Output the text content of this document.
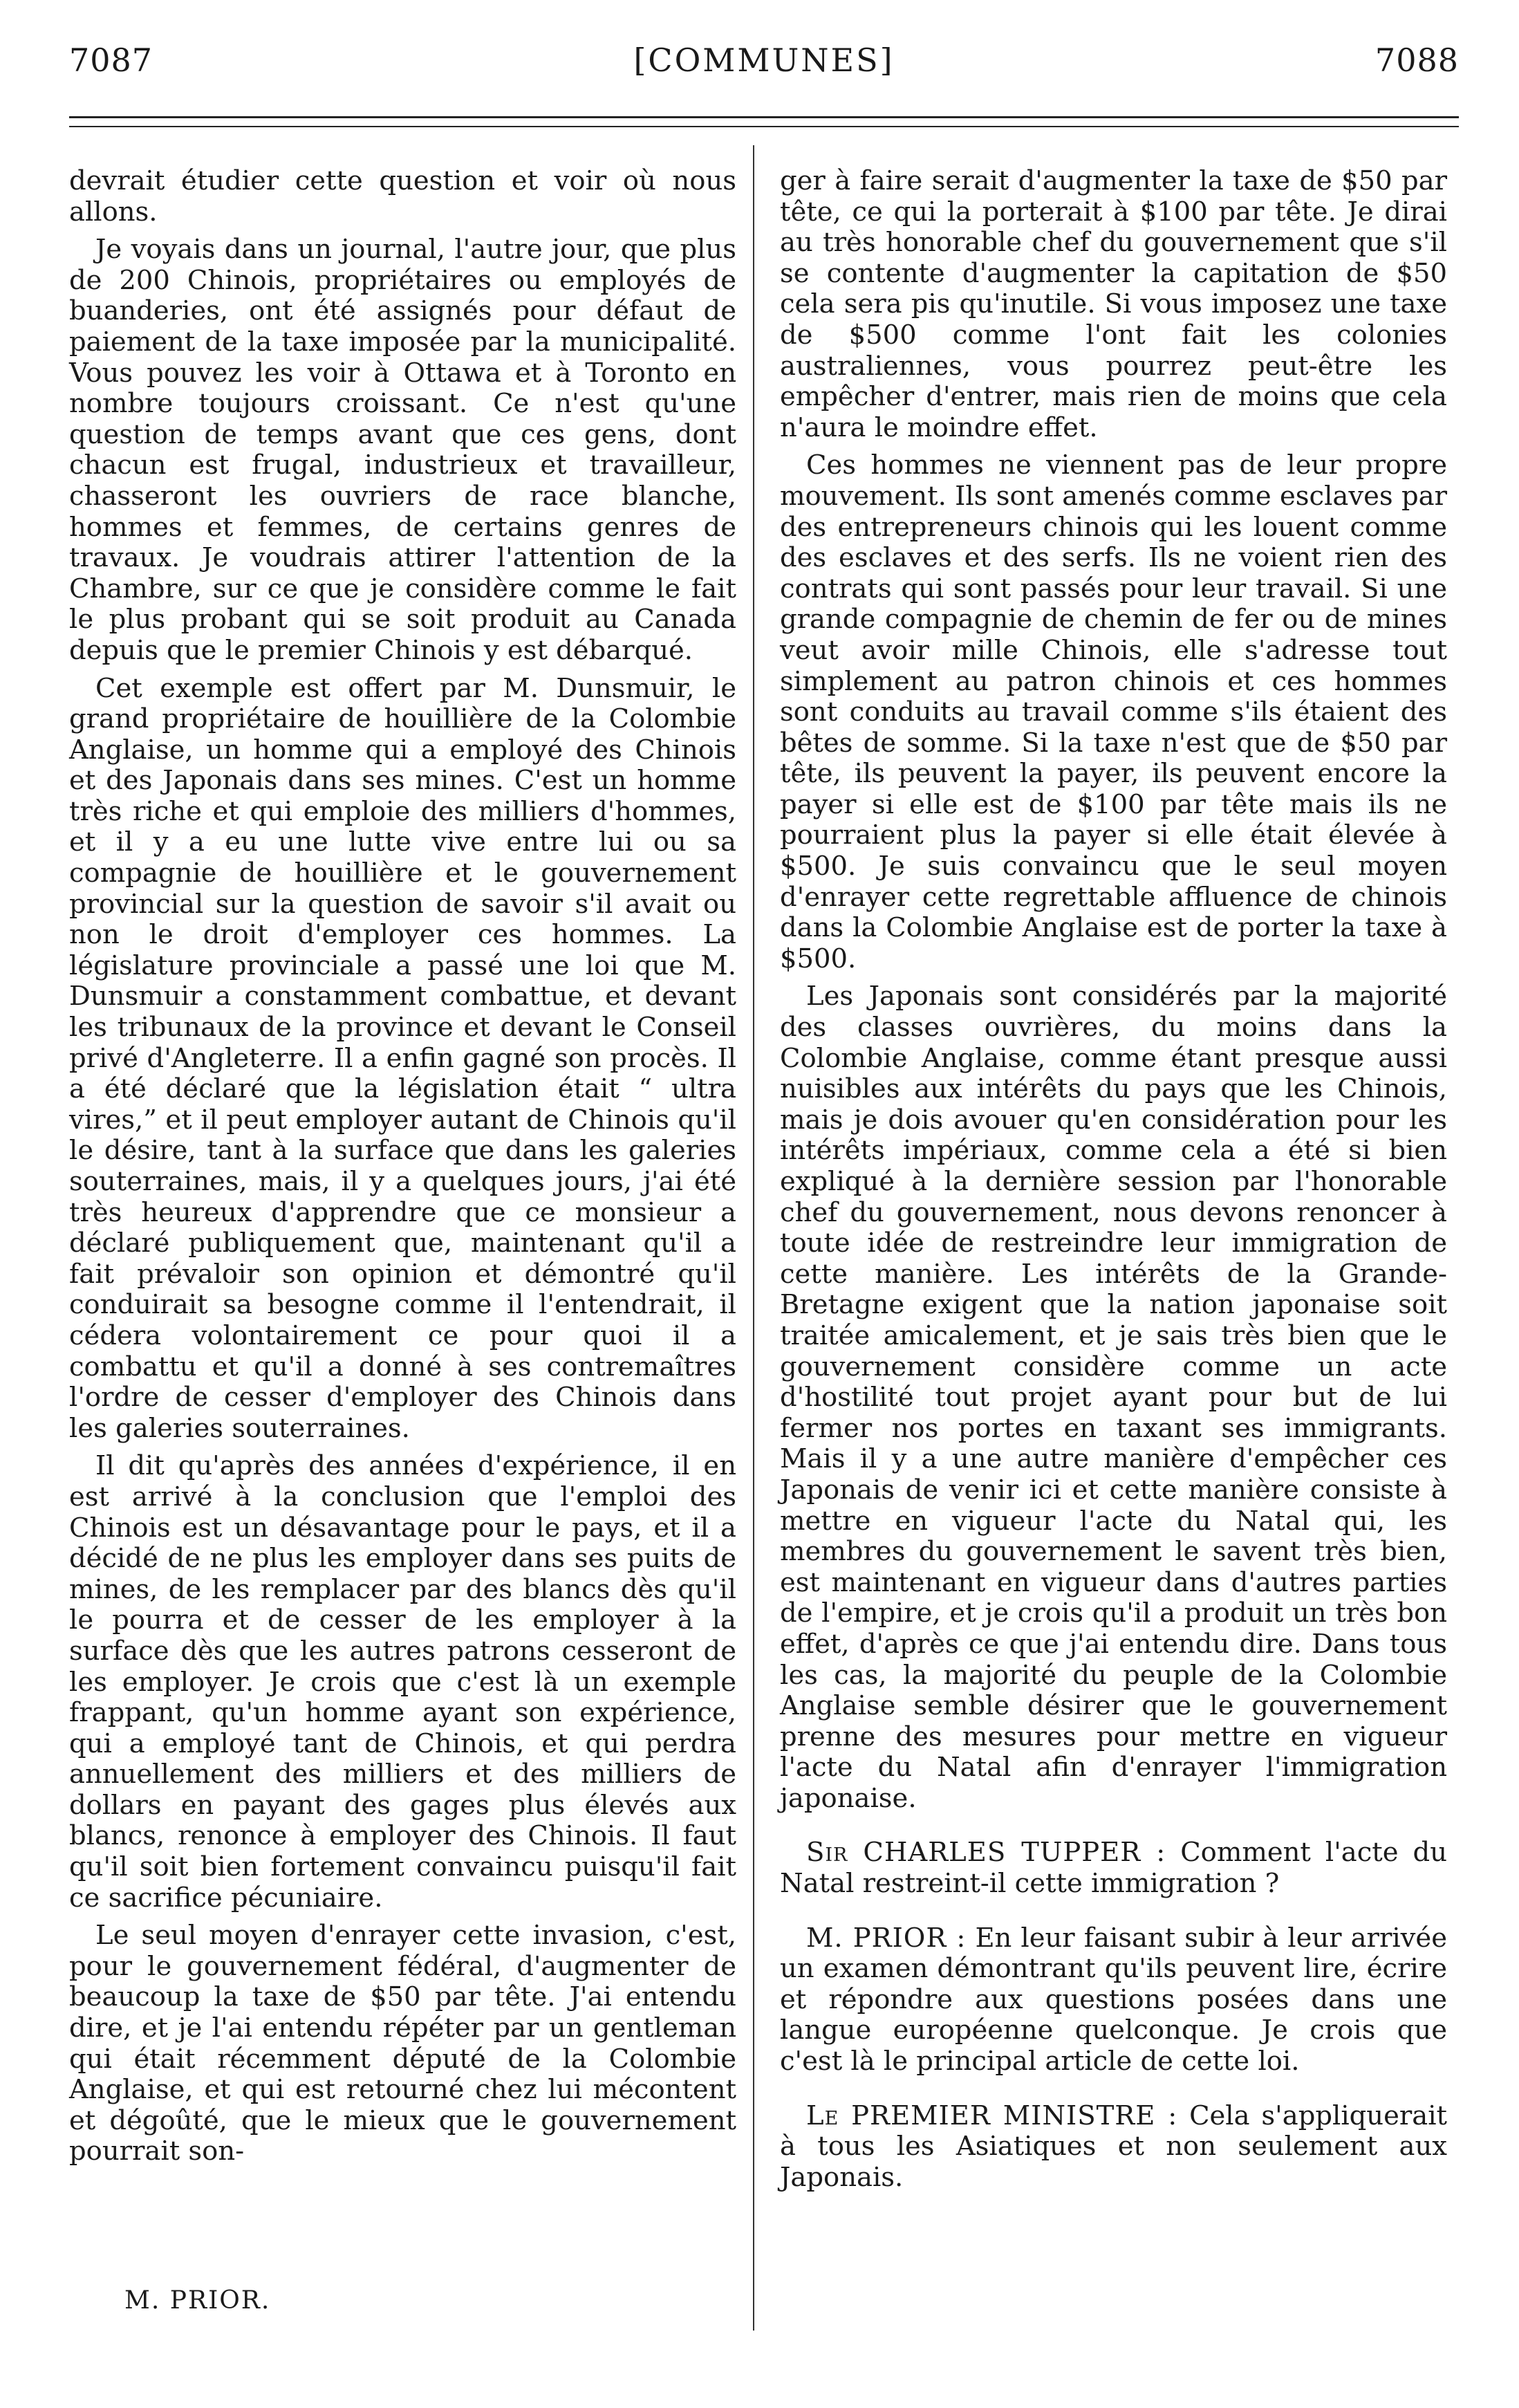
7087	[COMMUNES]	7088

devrait étudier cette question et voir où nous allons.

Je voyais dans un journal, l'autre jour, que plus de 200 Chinois, propriétaires ou employés de buanderies, ont été assignés pour défaut de paiement de la taxe imposée par la municipalité. Vous pouvez les voir à Ottawa et à Toronto en nombre toujours croissant. Ce n'est qu'une question de temps avant que ces gens, dont chacun est frugal, industrieux et travailleur, chasseront les ouvriers de race blanche, hommes et femmes, de certains genres de travaux. Je voudrais attirer l'attention de la Chambre, sur ce que je considère comme le fait le plus probant qui se soit produit au Canada depuis que le premier Chinois y est débarqué.

Cet exemple est offert par M. Dunsmuir, le grand propriétaire de houillière de la Colombie Anglaise, un homme qui a employé des Chinois et des Japonais dans ses mines. C'est un homme très riche et qui emploie des milliers d'hommes, et il y a eu une lutte vive entre lui ou sa compagnie de houillière et le gouvernement provincial sur la question de savoir s'il avait ou non le droit d'employer ces hommes. La législature provinciale a passé une loi que M. Dunsmuir a constamment combattue, et devant les tribunaux de la province et devant le Conseil privé d'Angleterre. Il a enfin gagné son procès. Il a été déclaré que la législation était “ ultra vires,” et il peut employer autant de Chinois qu'il le désire, tant à la surface que dans les galeries souterraines, mais, il y a quelques jours, j'ai été très heureux d'apprendre que ce monsieur a déclaré publiquement que, maintenant qu'il a fait prévaloir son opinion et démontré qu'il conduirait sa besogne comme il l'entendrait, il cédera volontairement ce pour quoi il a combattu et qu'il a donné à ses contremaîtres l'ordre de cesser d'employer des Chinois dans les galeries souterraines.

Il dit qu'après des années d'expérience, il en est arrivé à la conclusion que l'emploi des Chinois est un désavantage pour le pays, et il a décidé de ne plus les employer dans ses puits de mines, de les remplacer par des blancs dès qu'il le pourra et de cesser de les employer à la surface dès que les autres patrons cesseront de les employer. Je crois que c'est là un exemple frappant, qu'un homme ayant son expérience, qui a employé tant de Chinois, et qui perdra annuellement des milliers et des milliers de dollars en payant des gages plus élevés aux blancs, renonce à employer des Chinois. Il faut qu'il soit bien fortement convaincu puisqu'il fait ce sacrifice pécuniaire.

Le seul moyen d'enrayer cette invasion, c'est, pour le gouvernement fédéral, d'augmenter de beaucoup la taxe de $50 par tête. J'ai entendu dire, et je l'ai entendu répéter par un gentleman qui était récemment député de la Colombie Anglaise, et qui est retourné chez lui mécontent et dégoûté, que le mieux que le gouvernement pourrait son-

ger à faire serait d'augmenter la taxe de $50 par tête, ce qui la porterait à $100 par tête. Je dirai au très honorable chef du gouvernement que s'il se contente d'augmenter la capitation de $50 cela sera pis qu'inutile. Si vous imposez une taxe de $500 comme l'ont fait les colonies australiennes, vous pourrez peut-être les empêcher d'entrer, mais rien de moins que cela n'aura le moindre effet.

Ces hommes ne viennent pas de leur propre mouvement. Ils sont amenés comme esclaves par des entrepreneurs chinois qui les louent comme des esclaves et des serfs. Ils ne voient rien des contrats qui sont passés pour leur travail. Si une grande compagnie de chemin de fer ou de mines veut avoir mille Chinois, elle s'adresse tout simplement au patron chinois et ces hommes sont conduits au travail comme s'ils étaient des bêtes de somme. Si la taxe n'est que de $50 par tête, ils peuvent la payer, ils peuvent encore la payer si elle est de $100 par tête mais ils ne pourraient plus la payer si elle était élevée à $500. Je suis convaincu que le seul moyen d'enrayer cette regrettable affluence de chinois dans la Colombie Anglaise est de porter la taxe à $500.

Les Japonais sont considérés par la majorité des classes ouvrières, du moins dans la Colombie Anglaise, comme étant presque aussi nuisibles aux intérêts du pays que les Chinois, mais je dois avouer qu'en considération pour les intérêts impériaux, comme cela a été si bien expliqué à la dernière session par l'honorable chef du gouvernement, nous devons renoncer à toute idée de restreindre leur immigration de cette manière. Les intérêts de la Grande-Bretagne exigent que la nation japonaise soit traitée amicalement, et je sais très bien que le gouvernement considère comme un acte d'hostilité tout projet ayant pour but de lui fermer nos portes en taxant ses immigrants. Mais il y a une autre manière d'empêcher ces Japonais de venir ici et cette manière consiste à mettre en vigueur l'acte du Natal qui, les membres du gouvernement le savent très bien, est maintenant en vigueur dans d'autres parties de l'empire, et je crois qu'il a produit un très bon effet, d'après ce que j'ai entendu dire. Dans tous les cas, la majorité du peuple de la Colombie Anglaise semble désirer que le gouvernement prenne des mesures pour mettre en vigueur l'acte du Natal afin d'enrayer l'immigration japonaise.

Sir CHARLES TUPPER : Comment l'acte du Natal restreint-il cette immigration ?

M. PRIOR : En leur faisant subir à leur arrivée un examen démontrant qu'ils peuvent lire, écrire et répondre aux questions posées dans une langue européenne quelconque. Je crois que c'est là le principal article de cette loi.

Le PREMIER MINISTRE : Cela s'appliquerait à tous les Asiatiques et non seulement aux Japonais.

M. PRIOR.
